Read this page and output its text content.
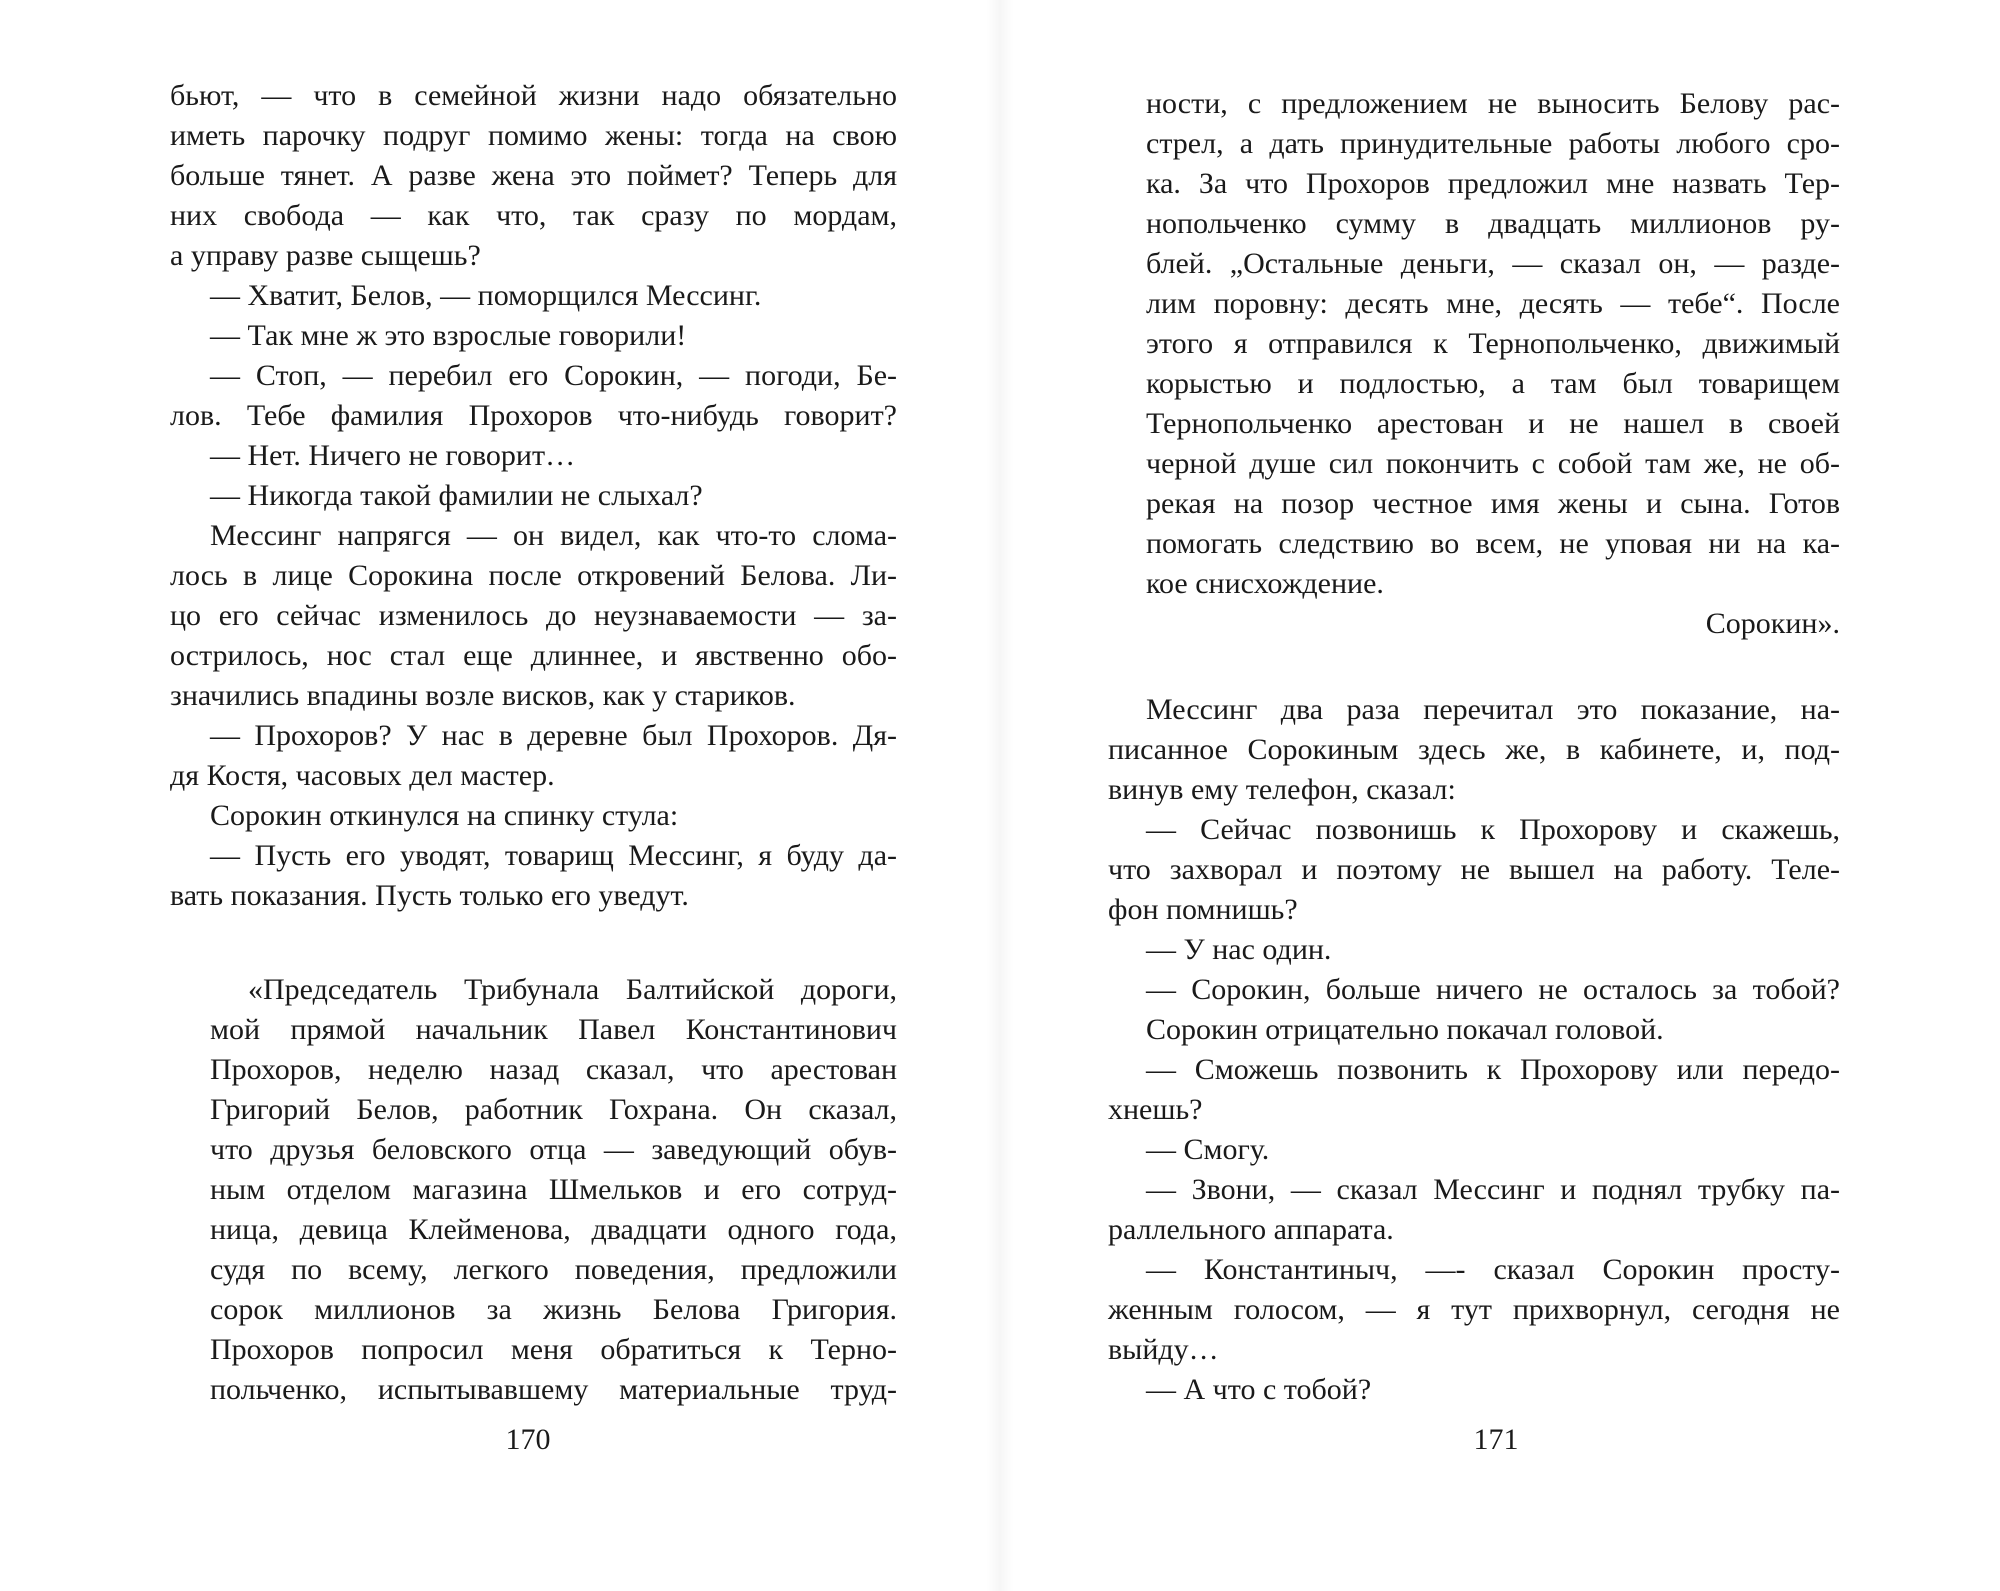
бьют, — что в семейной жизни надо обязательно

иметь парочку подруг помимо жены: тогда на свою

больше тянет. А разве жена это поймет? Теперь для

них свобода — как что, так сразу по мордам,

а управу разве сыщешь?

— Хватит, Белов, — поморщился Мессинг.

— Так мне ж это взрослые говорили!

— Стоп, — перебил его Сорокин, — погоди, Бе-

лов. Тебе фамилия Прохоров что-нибудь говорит?

— Нет. Ничего не говорит…

— Никогда такой фамилии не слыхал?

Мессинг напрягся — он видел, как что-то слома-

лось в лице Сорокина после откровений Белова. Ли-

цо его сейчас изменилось до неузнаваемости — за-

острилось, нос стал еще длиннее, и явственно обо-

значились впадины возле висков, как у стариков.

— Прохоров? У нас в деревне был Прохоров. Дя-

дя Костя, часовых дел мастер.

Сорокин откинулся на спинку стула:

— Пусть его уводят, товарищ Мессинг, я буду да-

вать показания. Пусть только его уведут.

«Председатель Трибунала Балтийской дороги,

мой прямой начальник Павел Константинович

Прохоров, неделю назад сказал, что арестован

Григорий Белов, работник Гохрана. Он сказал,

что друзья беловского отца — заведующий обув-

ным отделом магазина Шмельков и его сотруд-

ница, девица Клейменова, двадцати одного года,

судя по всему, легкого поведения, предложили

сорок миллионов за жизнь Белова Григория.

Прохоров попросил меня обратиться к Терно-

польченко, испытывавшему материальные труд-

170

ности, с предложением не выносить Белову рас-

стрел, а дать принудительные работы любого сро-

ка. За что Прохоров предложил мне назвать Тер-

нопольченко сумму в двадцать миллионов ру-

блей. „Остальные деньги, — сказал он, — разде-

лим поровну: десять мне, десять — тебе“. После

этого я отправился к Тернопольченко, движимый

корыстью и подлостью, а там был товарищем

Тернопольченко арестован и не нашел в своей

черной душе сил покончить с собой там же, не об-

рекая на позор честное имя жены и сына. Готов

помогать следствию во всем, не уповая ни на ка-

кое снисхождение.

Сорокин».

Мессинг два раза перечитал это показание, на-

писанное Сорокиным здесь же, в кабинете, и, под-

винув ему телефон, сказал:

— Сейчас позвонишь к Прохорову и скажешь,

что захворал и поэтому не вышел на работу. Теле-

фон помнишь?

— У нас один.

— Сорокин, больше ничего не осталось за тобой?

Сорокин отрицательно покачал головой.

— Сможешь позвонить к Прохорову или передо-

хнешь?

— Смогу.

— Звони, — сказал Мессинг и поднял трубку па-

раллельного аппарата.

— Константиныч, —- сказал Сорокин просту-

женным голосом, — я тут прихворнул, сегодня не

выйду…

— А что с тобой?

171
